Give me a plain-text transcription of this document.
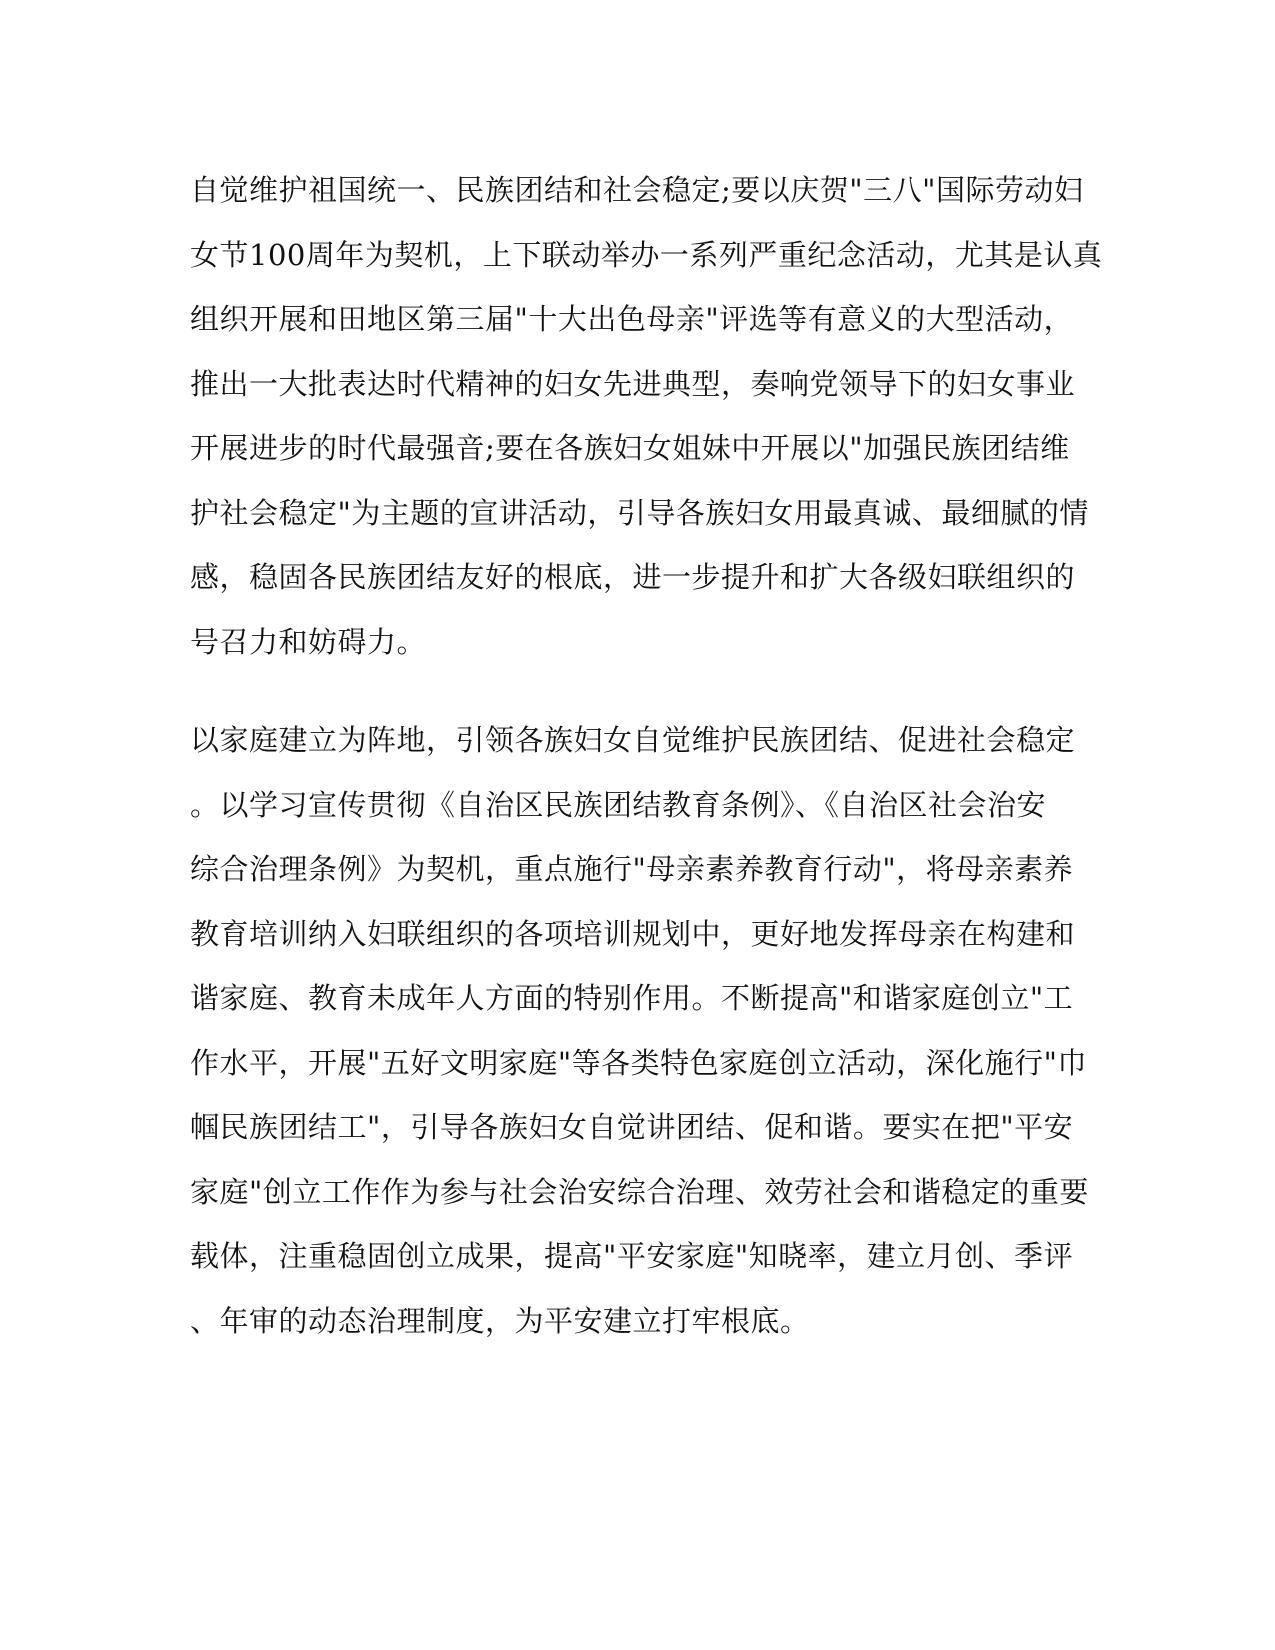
自觉维护祖国统一、民族团结和社会稳定;要以庆贺"三八"国际劳动妇
女节100周年为契机，上下联动举办一系列严重纪念活动，尤其是认真
组织开展和田地区第三届"十大出色母亲"评选等有意义的大型活动，
推出一大批表达时代精神的妇女先进典型，奏响党领导下的妇女事业
开展进步的时代最强音;要在各族妇女姐妹中开展以"加强民族团结维
护社会稳定"为主题的宣讲活动，引导各族妇女用最真诚、最细腻的情
感，稳固各民族团结友好的根底，进一步提升和扩大各级妇联组织的
号召力和妨碍力。
以家庭建立为阵地，引领各族妇女自觉维护民族团结、促进社会稳定
。以学习宣传贯彻《自治区民族团结教育条例》、《自治区社会治安
综合治理条例》为契机，重点施行"母亲素养教育行动"，将母亲素养
教育培训纳入妇联组织的各项培训规划中，更好地发挥母亲在构建和
谐家庭、教育未成年人方面的特别作用。不断提高"和谐家庭创立"工
作水平，开展"五好文明家庭"等各类特色家庭创立活动，深化施行"巾
帼民族团结工"，引导各族妇女自觉讲团结、促和谐。要实在把"平安
家庭"创立工作作为参与社会治安综合治理、效劳社会和谐稳定的重要
载体，注重稳固创立成果，提高"平安家庭"知晓率，建立月创、季评
、年审的动态治理制度，为平安建立打牢根底。
